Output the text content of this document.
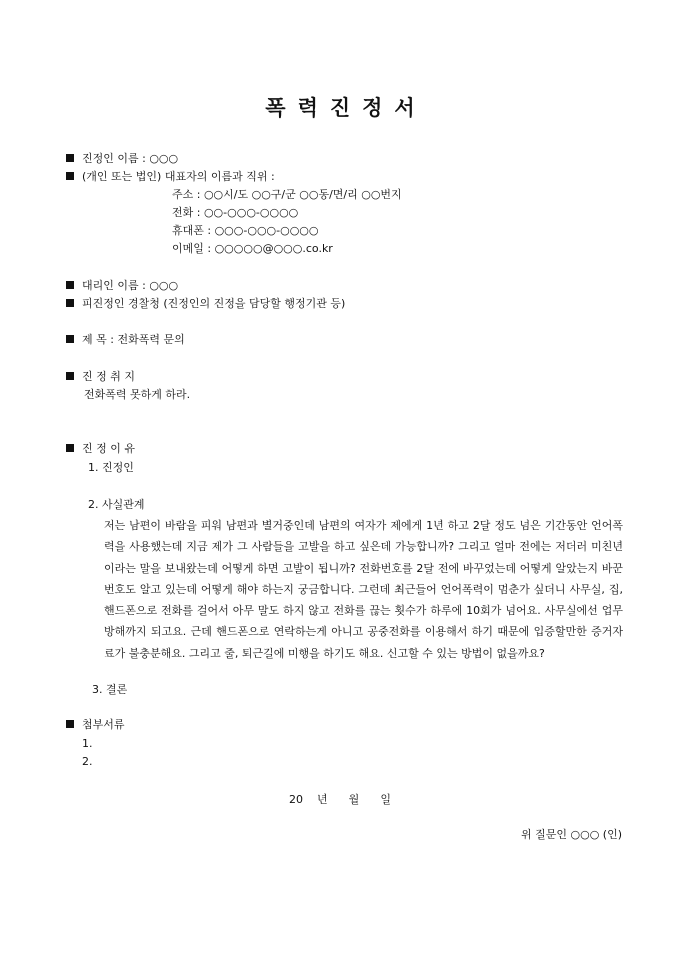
폭력진정서
진정인 이름 : ○○○
(개인 또는 법인) 대표자의 이름과 직위 :
주소 : ○○시/도 ○○구/군 ○○동/면/리 ○○번지
전화 : ○○-○○○-○○○○
휴대폰 : ○○○-○○○-○○○○
이메일 : ○○○○○@○○○.co.kr
대리인 이름 : ○○○
피진정인 경찰청 (진정인의 진정을 담당할 행정기관 등)
제 목 : 전화폭력 문의
진 정 취 지
전화폭력 못하게 하라.
진 정 이 유
1. 진정인
2. 사실관계
저는 남편이 바람을 피워 남편과 별거중인데 남편의 여자가 제에게 1년 하고 2달 정도 넘은 기간동안 언어폭력을 사용했는데 지금 제가 그 사람들을 고발을 하고 싶은데 가능합니까? 그리고 얼마 전에는 저더러 미친년이라는 말을 보내왔는데 어떻게 하면 고발이 됩니까? 전화번호를 2달 전에 바꾸었는데 어떻게 알았는지 바꾼 번호도 알고 있는데 어떻게 해야 하는지 궁금합니다. 그런데 최근들어 언어폭력이 멈춘가 싶더니 사무실, 집, 핸드폰으로 전화를 걸어서 아무 말도 하지 않고 전화를 끊는 횟수가 하루에 10회가 넘어요. 사무실에선 업무방해까지 되고요. 근데 핸드폰으로 연락하는게 아니고 공중전화를 이용해서 하기 때문에 입증할만한 증거자료가 불충분해요. 그리고 줄, 퇴근길에 미행을 하기도 해요. 신고할 수 있는 방법이 없을까요?
3. 결론
첨부서류
1.
2.
20 년 월 일
위 질문인 ○○○ (인)
